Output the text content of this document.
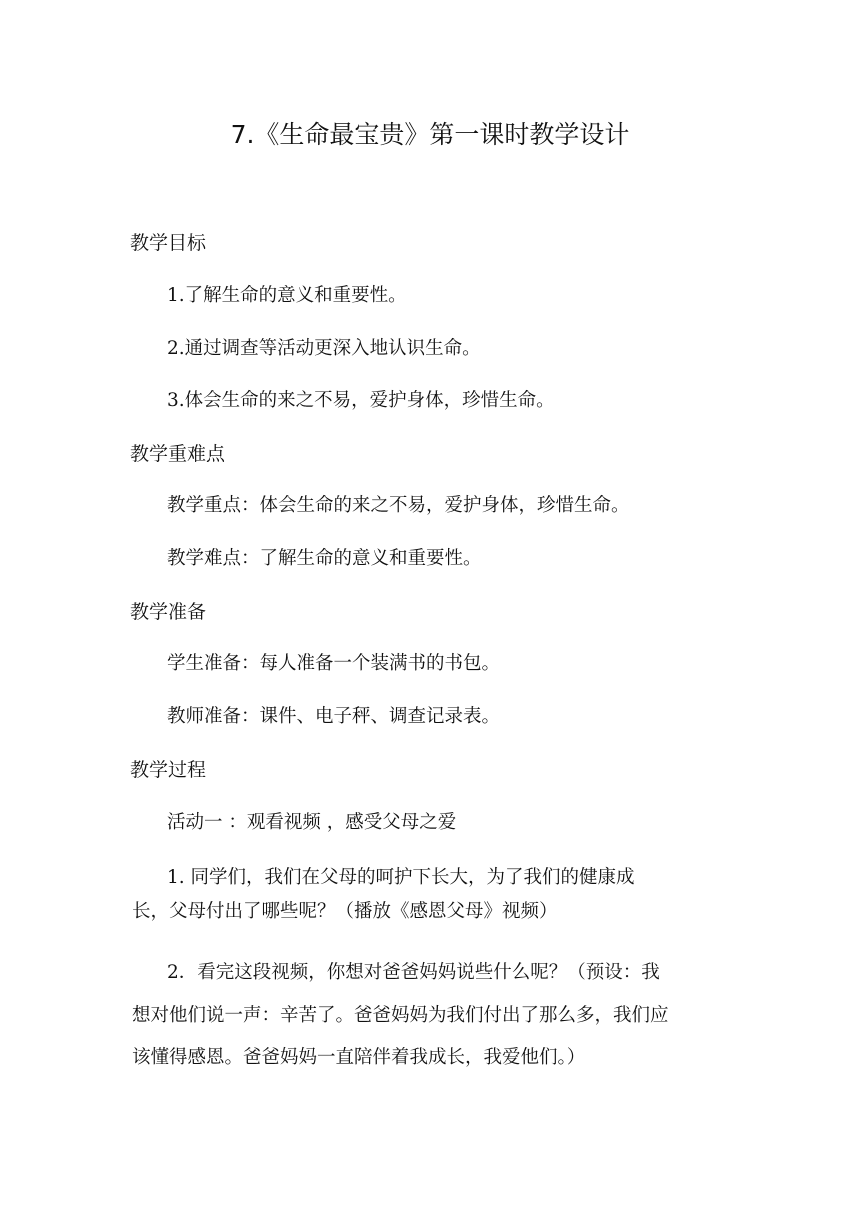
7.《生命最宝贵》第一课时教学设计
教学目标
1.了解生命的意义和重要性。
2.通过调查等活动更深入地认识生命。
3.体会生命的来之不易，爱护身体，珍惜生命。
教学重难点
教学重点：体会生命的来之不易，爱护身体，珍惜生命。
教学难点：了解生命的意义和重要性。
教学准备
学生准备：每人准备一个装满书的书包。
教师准备：课件、电子秤、调查记录表。
教学过程
活动一 ：观看视频 ，感受父母之爱
1. 同学们，我们在父母的呵护下长大，为了我们的健康成
长，父母付出了哪些呢？（播放《感恩父母》视频）
2．看完这段视频，你想对爸爸妈妈说些什么呢？（预设：我
想对他们说一声：辛苦了。爸爸妈妈为我们付出了那么多，我们应
该懂得感恩。爸爸妈妈一直陪伴着我成长，我爱他们。）
